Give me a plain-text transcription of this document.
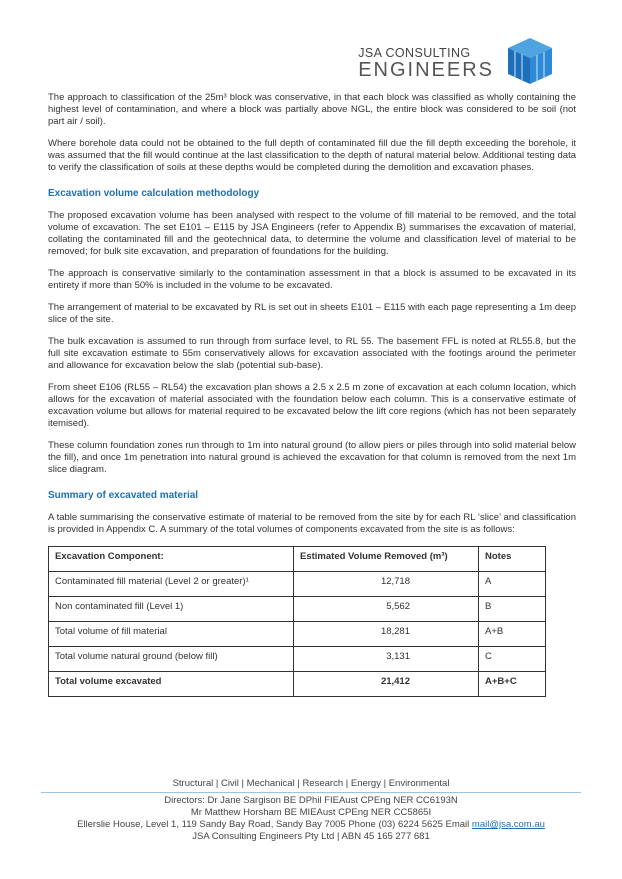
JSA CONSULTING
ENGINEERS

The approach to classification of the 25m³ block was conservative, in that each block was classified as wholly containing the highest level of contamination, and where a block was partially above NGL, the entire block was considered to be soil (not part air / soil).

Where borehole data could not be obtained to the full depth of contaminated fill due the fill depth exceeding the borehole, it was assumed that the fill would continue at the last classification to the depth of natural material below. Additional testing data to verify the classification of soils at these depths would be completed during the demolition and excavation phases.

Excavation volume calculation methodology

The proposed excavation volume has been analysed with respect to the volume of fill material to be removed, and the total volume of excavation. The set E101 – E115 by JSA Engineers (refer to Appendix B) summarises the excavation of material, collating the contaminated fill and the geotechnical data, to determine the volume and classification level of material to be removed; for bulk site excavation, and preparation of foundations for the building.

The approach is conservative similarly to the contamination assessment in that a block is assumed to be excavated in its entirety if more than 50% is included in the volume to be excavated.

The arrangement of material to be excavated by RL is set out in sheets E101 – E115 with each page representing a 1m deep slice of the site.

The bulk excavation is assumed to run through from surface level, to RL 55. The basement FFL is noted at RL55.8, but the full site excavation estimate to 55m conservatively allows for excavation associated with the footings around the perimeter and allowance for excavation below the slab (potential sub-base).

From sheet E106 (RL55 – RL54) the excavation plan shows a 2.5 x 2.5 m zone of excavation at each column location, which allows for the excavation of material associated with the foundation below each column. This is a conservative estimate of excavation volume but allows for material required to be excavated below the lift core regions (which has not been separately itemised).

These column foundation zones run through to 1m into natural ground (to allow piers or piles through into solid material below the fill), and once 1m penetration into natural ground is achieved the excavation for that column is removed from the next 1m slice diagram.

Summary of excavated material

A table summarising the conservative estimate of material to be removed from the site by for each RL ‘slice’ and classification is provided in Appendix C. A summary of the total volumes of components excavated from the site is as follows:

Excavation Component:	Estimated Volume Removed (m³)	Notes
Contaminated fill material (Level 2 or greater)¹	12,718	A
Non contaminated fill (Level 1)	5,562	B
Total volume of fill material	18,281	A+B
Total volume natural ground (below fill)	3,131	C
Total volume excavated	21,412	A+B+C
Structural | Civil | Mechanical | Research | Energy | Environmental
Directors: Dr Jane Sargison BE DPhil FIEAust CPEng NER CC6193N
Mr Matthew Horsham BE MIEAust CPEng NER CC5865I
Ellerslie House, Level 1, 119 Sandy Bay Road, Sandy Bay 7005 Phone (03) 6224 5625 Email mail@jsa.com.au
JSA Consulting Engineers Pty Ltd | ABN 45 165 277 681
